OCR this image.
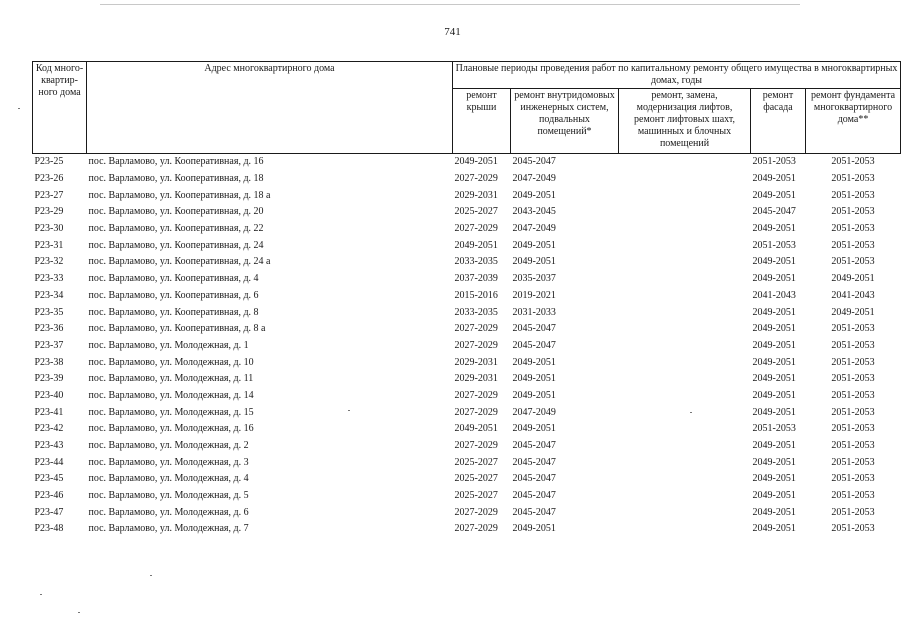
741
Код много-квартир-ного дома	Адрес многоквартирного дома	Плановые периоды проведения работ по капитальному ремонту общего имущества в многоквартирных домах, годы				
		ремонт крыши	ремонт внутридомовых инженерных систем, подвальных помещений*	ремонт, замена, модернизация лифтов, ремонт лифтовых шахт, машинных и блочных помещений	ремонт фасада	ремонт фундамента многоквартирного дома**
Р23-25	пос. Варламово, ул. Кооперативная, д. 16	2049-2051	2045-2047		2051-2053	2051-2053
Р23-26	пос. Варламово, ул. Кооперативная, д. 18	2027-2029	2047-2049		2049-2051	2051-2053
Р23-27	пос. Варламово, ул. Кооперативная, д. 18 а	2029-2031	2049-2051		2049-2051	2051-2053
Р23-29	пос. Варламово, ул. Кооперативная, д. 20	2025-2027	2043-2045		2045-2047	2051-2053
Р23-30	пос. Варламово, ул. Кооперативная, д. 22	2027-2029	2047-2049		2049-2051	2051-2053
Р23-31	пос. Варламово, ул. Кооперативная, д. 24	2049-2051	2049-2051		2051-2053	2051-2053
Р23-32	пос. Варламово, ул. Кооперативная, д. 24 а	2033-2035	2049-2051		2049-2051	2051-2053
Р23-33	пос. Варламово, ул. Кооперативная, д. 4	2037-2039	2035-2037		2049-2051	2049-2051
Р23-34	пос. Варламово, ул. Кооперативная, д. 6	2015-2016	2019-2021		2041-2043	2041-2043
Р23-35	пос. Варламово, ул. Кооперативная, д. 8	2033-2035	2031-2033		2049-2051	2049-2051
Р23-36	пос. Варламово, ул. Кооперативная, д. 8 а	2027-2029	2045-2047		2049-2051	2051-2053
Р23-37	пос. Варламово, ул. Молодежная, д. 1	2027-2029	2045-2047		2049-2051	2051-2053
Р23-38	пос. Варламово, ул. Молодежная, д. 10	2029-2031	2049-2051		2049-2051	2051-2053
Р23-39	пос. Варламово, ул. Молодежная, д. 11	2029-2031	2049-2051		2049-2051	2051-2053
Р23-40	пос. Варламово, ул. Молодежная, д. 14	2027-2029	2049-2051		2049-2051	2051-2053
Р23-41	пос. Варламово, ул. Молодежная, д. 15	2027-2029	2047-2049		2049-2051	2051-2053
Р23-42	пос. Варламово, ул. Молодежная, д. 16	2049-2051	2049-2051		2051-2053	2051-2053
Р23-43	пос. Варламово, ул. Молодежная, д. 2	2027-2029	2045-2047		2049-2051	2051-2053
Р23-44	пос. Варламово, ул. Молодежная, д. 3	2025-2027	2045-2047		2049-2051	2051-2053
Р23-45	пос. Варламово, ул. Молодежная, д. 4	2025-2027	2045-2047		2049-2051	2051-2053
Р23-46	пос. Варламово, ул. Молодежная, д. 5	2025-2027	2045-2047		2049-2051	2051-2053
Р23-47	пос. Варламово, ул. Молодежная, д. 6	2027-2029	2045-2047		2049-2051	2051-2053
Р23-48	пос. Варламово, ул. Молодежная, д. 7	2027-2029	2049-2051		2049-2051	2051-2053
